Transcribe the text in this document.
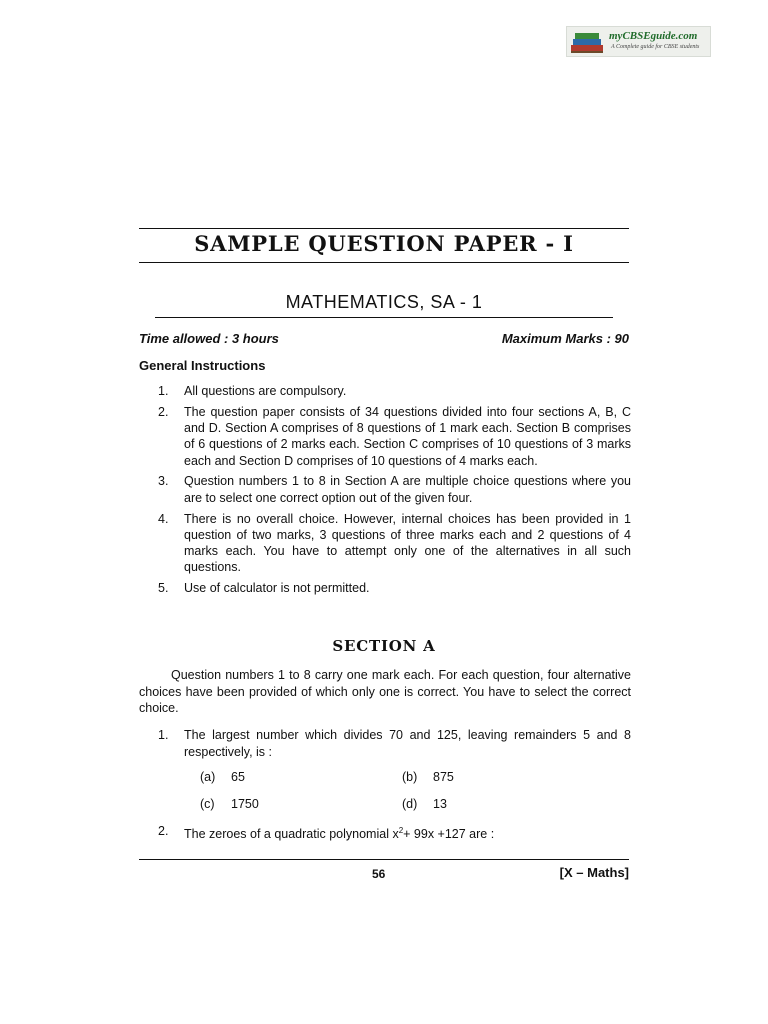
myCBSEguide.com
A Complete guide for CBSE students
SAMPLE QUESTION PAPER - I
MATHEMATICS, SA - 1
Time allowed : 3 hours	Maximum Marks : 90
General Instructions
1.	All questions are compulsory.
2.	The question paper consists of 34 questions divided into four sections A, B, C and D. Section A comprises of 8 questions of 1 mark each. Section B comprises of 6 questions of 2 marks each. Section C comprises of 10 questions of 3 marks each and Section D comprises of 10 questions of 4 marks each.
3.	Question numbers 1 to 8 in Section A are multiple choice questions where you are to select one correct option out of the given four.
4.	There is no overall choice. However, internal choices has been provided in 1 question of two marks, 3 questions of three marks each and 2 questions of 4 marks each. You have to attempt only one of the alternatives in all such questions.
5.	Use of calculator is not permitted.
SECTION A
Question numbers 1 to 8 carry one mark each. For each question, four alternative choices have been provided of which only one is correct. You have to select the correct choice.
1.	The largest number which divides 70 and 125, leaving remainders 5 and 8 respectively, is :
(a) 65	(b) 875
(c) 1750	(d) 13
2.	The zeroes of a quadratic polynomial $x^2+ 99x +127$ are :
56	[X – Maths]
